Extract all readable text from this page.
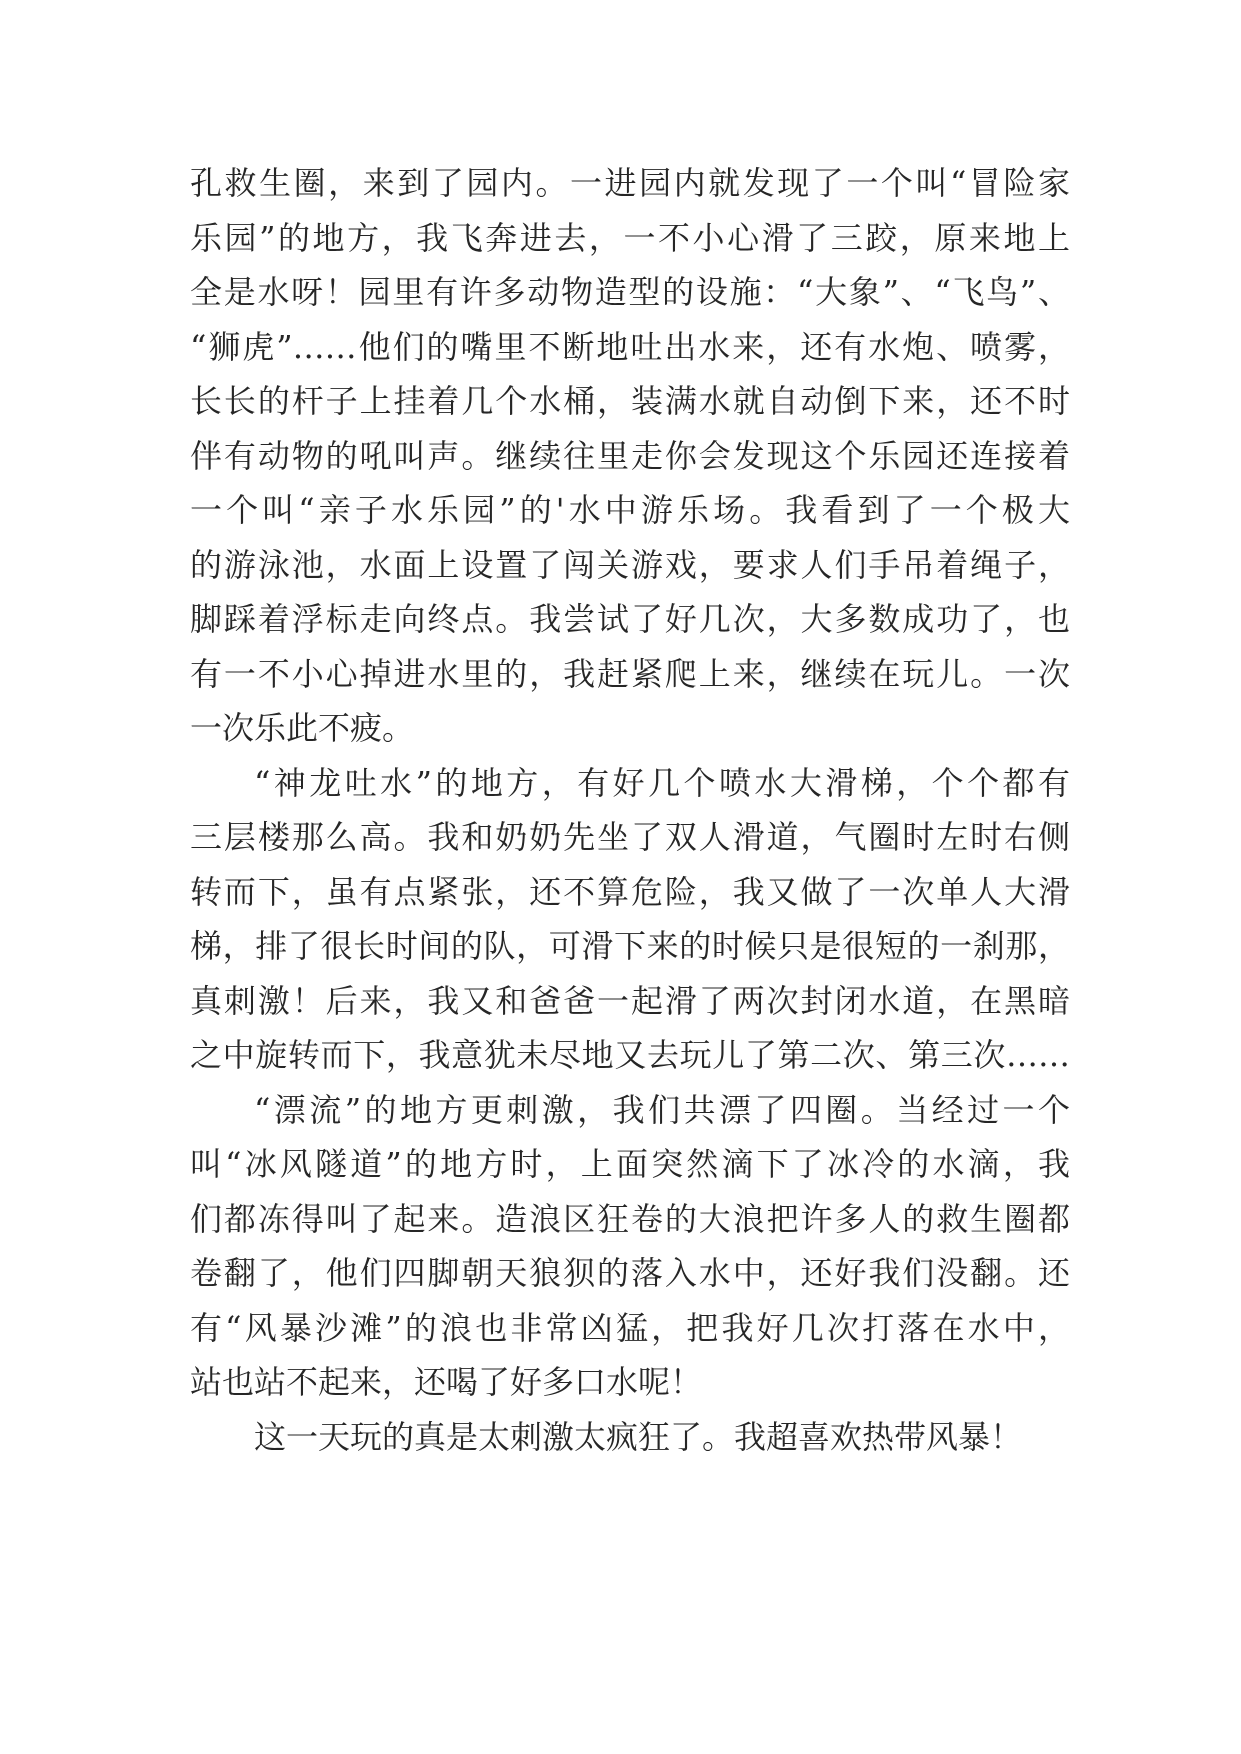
孔救生圈，来到了园内。一进园内就发现了一个叫“冒险家
乐园”的地方，我飞奔进去，一不小心滑了三跤，原来地上
全是水呀！园里有许多动物造型的设施：“大象”、“飞鸟”、
“狮虎”……他们的嘴里不断地吐出水来，还有水炮、喷雾，
长长的杆子上挂着几个水桶，装满水就自动倒下来，还不时
伴有动物的吼叫声。继续往里走你会发现这个乐园还连接着
一个叫“亲子水乐园”的'水中游乐场。我看到了一个极大
的游泳池，水面上设置了闯关游戏，要求人们手吊着绳子，
脚踩着浮标走向终点。我尝试了好几次，大多数成功了，也
有一不小心掉进水里的，我赶紧爬上来，继续在玩儿。一次
一次乐此不疲。
“神龙吐水”的地方，有好几个喷水大滑梯，个个都有
三层楼那么高。我和奶奶先坐了双人滑道，气圈时左时右侧
转而下，虽有点紧张，还不算危险，我又做了一次单人大滑
梯，排了很长时间的队，可滑下来的时候只是很短的一刹那，
真刺激！后来，我又和爸爸一起滑了两次封闭水道，在黑暗
之中旋转而下，我意犹未尽地又去玩儿了第二次、第三次……
“漂流”的地方更刺激，我们共漂了四圈。当经过一个
叫“冰风隧道”的地方时，上面突然滴下了冰冷的水滴，我
们都冻得叫了起来。造浪区狂卷的大浪把许多人的救生圈都
卷翻了，他们四脚朝天狼狈的落入水中，还好我们没翻。还
有“风暴沙滩”的浪也非常凶猛，把我好几次打落在水中，
站也站不起来，还喝了好多口水呢！
这一天玩的真是太刺激太疯狂了。我超喜欢热带风暴！
